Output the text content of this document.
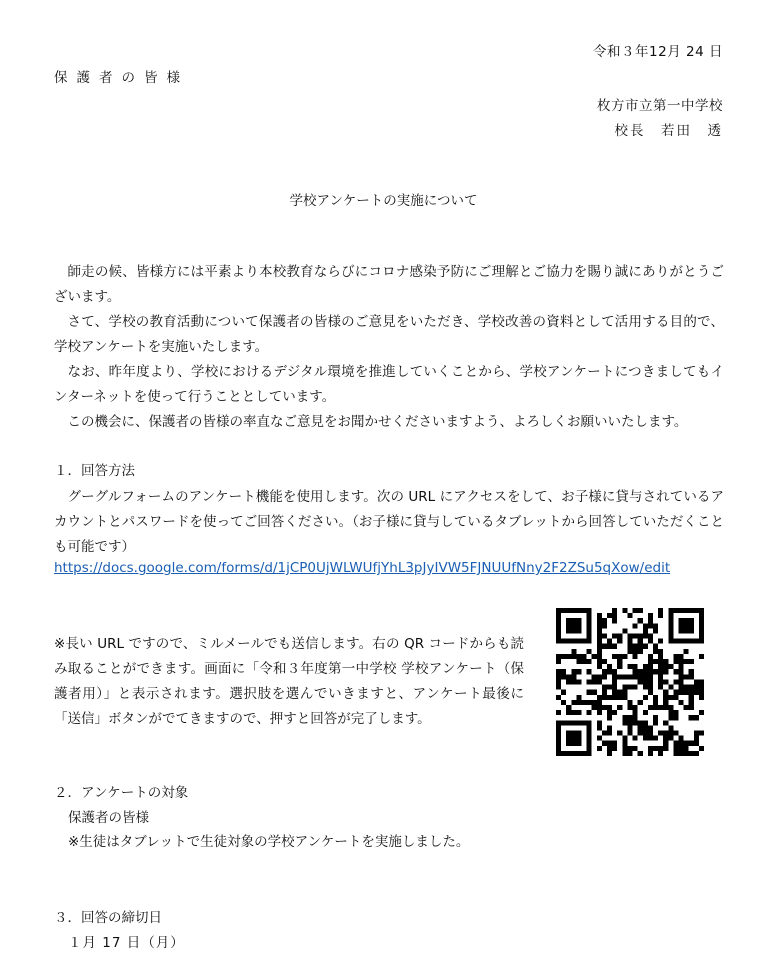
令和３年12月 24 日
保護者の皆様
枚方市立第一中学校
校長　若田　透
学校アンケートの実施について

師走の候、皆様方には平素より本校教育ならびにコロナ感染予防にご理解とご協力を賜り誠にありがとうございます。

さて、学校の教育活動について保護者の皆様のご意見をいただき、学校改善の資料として活用する目的で、学校アンケートを実施いたします。

なお、昨年度より、学校におけるデジタル環境を推進していくことから、学校アンケートにつきましてもインターネットを使って行うこととしています。

この機会に、保護者の皆様の率直なご意見をお聞かせくださいますよう、よろしくお願いいたします。

１．回答方法

グーグルフォームのアンケート機能を使用します。次の URL にアクセスをして、お子様に貸与されているアカウントとパスワードを使ってご回答ください。（お子様に貸与しているタブレットから回答していただくことも可能です）

https://docs.google.com/forms/d/1jCP0UjWLWUfjYhL3pJyIVW5FJNUUfNny2F2ZSu5qXow/edit
※長い URL ですので、ミルメールでも送信します。右の QR コードからも読み取ることができます。画面に「令和３年度第一中学校 学校アンケート（保護者用）」と表示されます。選択肢を選んでいきますと、アンケート最後に「送信」ボタンがでてきますので、押すと回答が完了します。
２．アンケートの対象
保護者の皆様
※生徒はタブレットで生徒対象の学校アンケートを実施しました。
３．回答の締切日
１月 17 日（月）
